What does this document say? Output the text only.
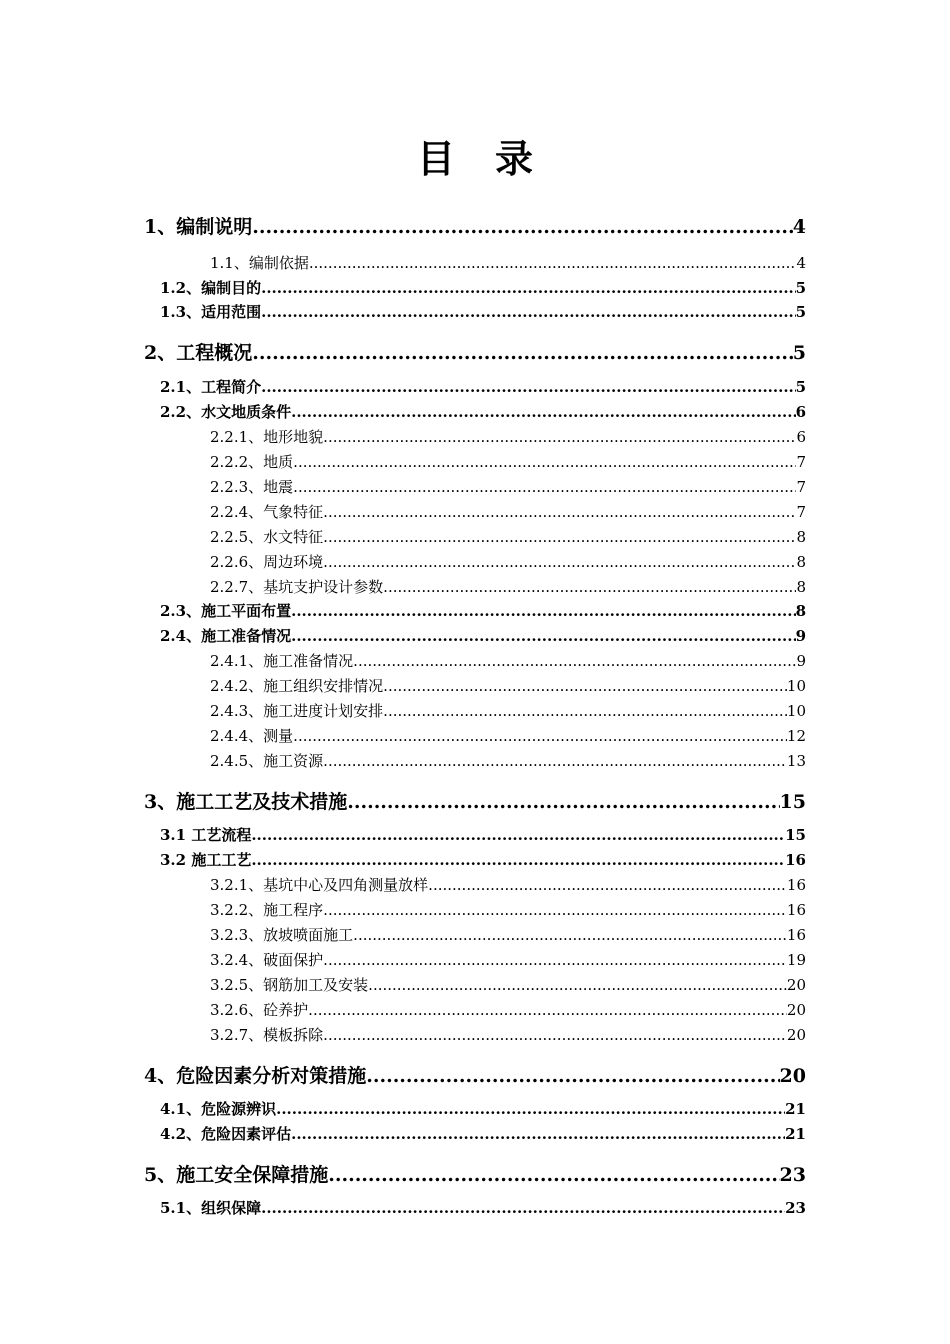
目 录
1、编制说明 .....	4
1.1、编制依据 .....	4
1.2、编制目的 .....	5
1.3、适用范围 .....	5
2、工程概况 .....	5
2.1、工程简介 .....	5
2.2、水文地质条件 .....	6
2.2.1、地形地貌 .....	6
2.2.2、地质 .....	7
2.2.3、地震 .....	7
2.2.4、气象特征 .....	7
2.2.5、水文特征 .....	8
2.2.6、周边环境 .....	8
2.2.7、基坑支护设计参数 .....	8
2.3、施工平面布置 .....	8
2.4、施工准备情况 .....	9
2.4.1、施工准备情况 .....	9
2.4.2、施工组织安排情况 .....	10
2.4.3、施工进度计划安排 .....	10
2.4.4、测量 .....	12
2.4.5、施工资源 .....	13
3、施工工艺及技术措施 .....	15
3.1 工艺流程 .....	15
3.2 施工工艺 .....	16
3.2.1、基坑中心及四角测量放样 .....	16
3.2.2、施工程序 .....	16
3.2.3、放坡喷面施工 .....	16
3.2.4、破面保护 .....	19
3.2.5、钢筋加工及安装 .....	20
3.2.6、砼养护 .....	20
3.2.7、模板拆除 .....	20
4、危险因素分析对策措施 .....	20
4.1、危险源辨识 .....	21
4.2、危险因素评估 .....	21
5、施工安全保障措施 .....	23
5.1、组织保障 .....	23
